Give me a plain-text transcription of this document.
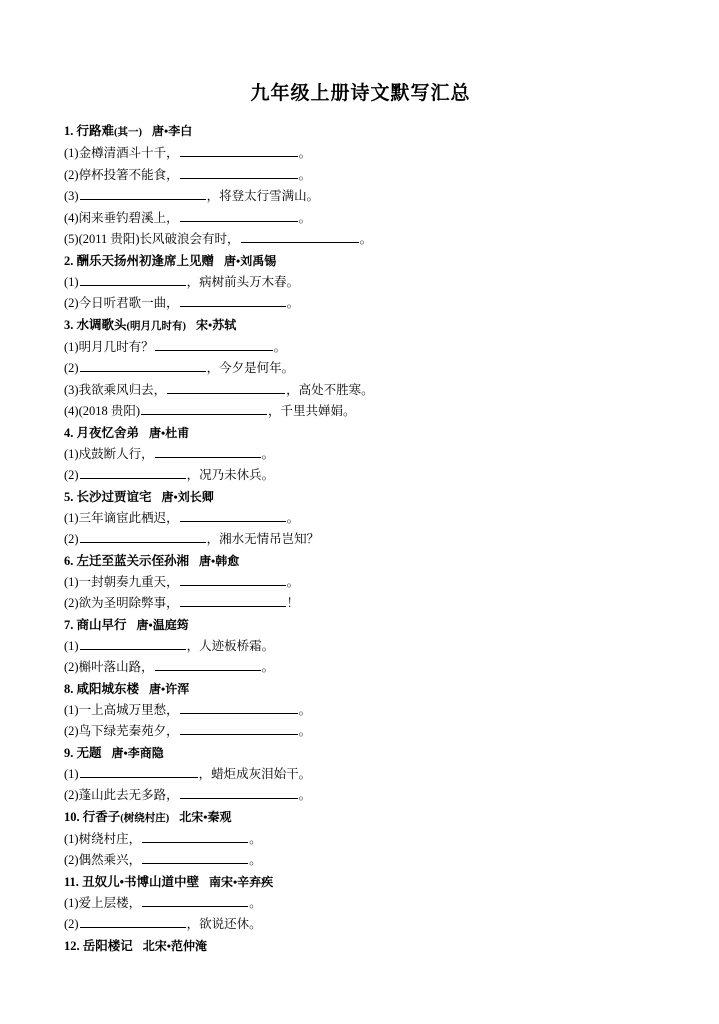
九年级上册诗文默写汇总
1. 行路难(其一) 唐•李白
(1)金樽清酒斗十千，	。
(2)停杯投箸不能食，	。
(3)	，将登太行雪满山。
(4)闲来垂钓碧溪上，	。
(5)(2011 贵阳)长风破浪会有时，	。
2. 酬乐天扬州初逢席上见赠 唐•刘禹锡
(1)	，病树前头万木春。
(2)今日听君歌一曲，	。
3. 水调歌头(明月几时有) 宋•苏轼
(1)明月几时有？	。
(2)	，今夕是何年。
(3)我欲乘风归去，	，高处不胜寒。
(4)(2018 贵阳)	，千里共婵娟。
4. 月夜忆舍弟 唐•杜甫
(1)戍鼓断人行，	。
(2)	，况乃未休兵。
5. 长沙过贾谊宅 唐•刘长卿
(1)三年谪宦此栖迟，	。
(2)	，湘水无情吊岂知？
6. 左迁至蓝关示侄孙湘 唐•韩愈
(1)一封朝奏九重天，	。
(2)欲为圣明除弊事，	！
7. 商山早行 唐•温庭筠
(1)	，人迹板桥霜。
(2)槲叶落山路，	。
8. 咸阳城东楼 唐•许浑
(1)一上高城万里愁，	。
(2)鸟下绿芜秦苑夕，	。
9. 无题 唐•李商隐
(1)	，蜡炬成灰泪始干。
(2)蓬山此去无多路，	。
10. 行香子(树绕村庄) 北宋•秦观
(1)树绕村庄，	。
(2)偶然乘兴，	。
11. 丑奴儿•书博山道中壁 南宋•辛弃疾
(1)爱上层楼，	。
(2)	，欲说还休。
12. 岳阳楼记 北宋•范仲淹
